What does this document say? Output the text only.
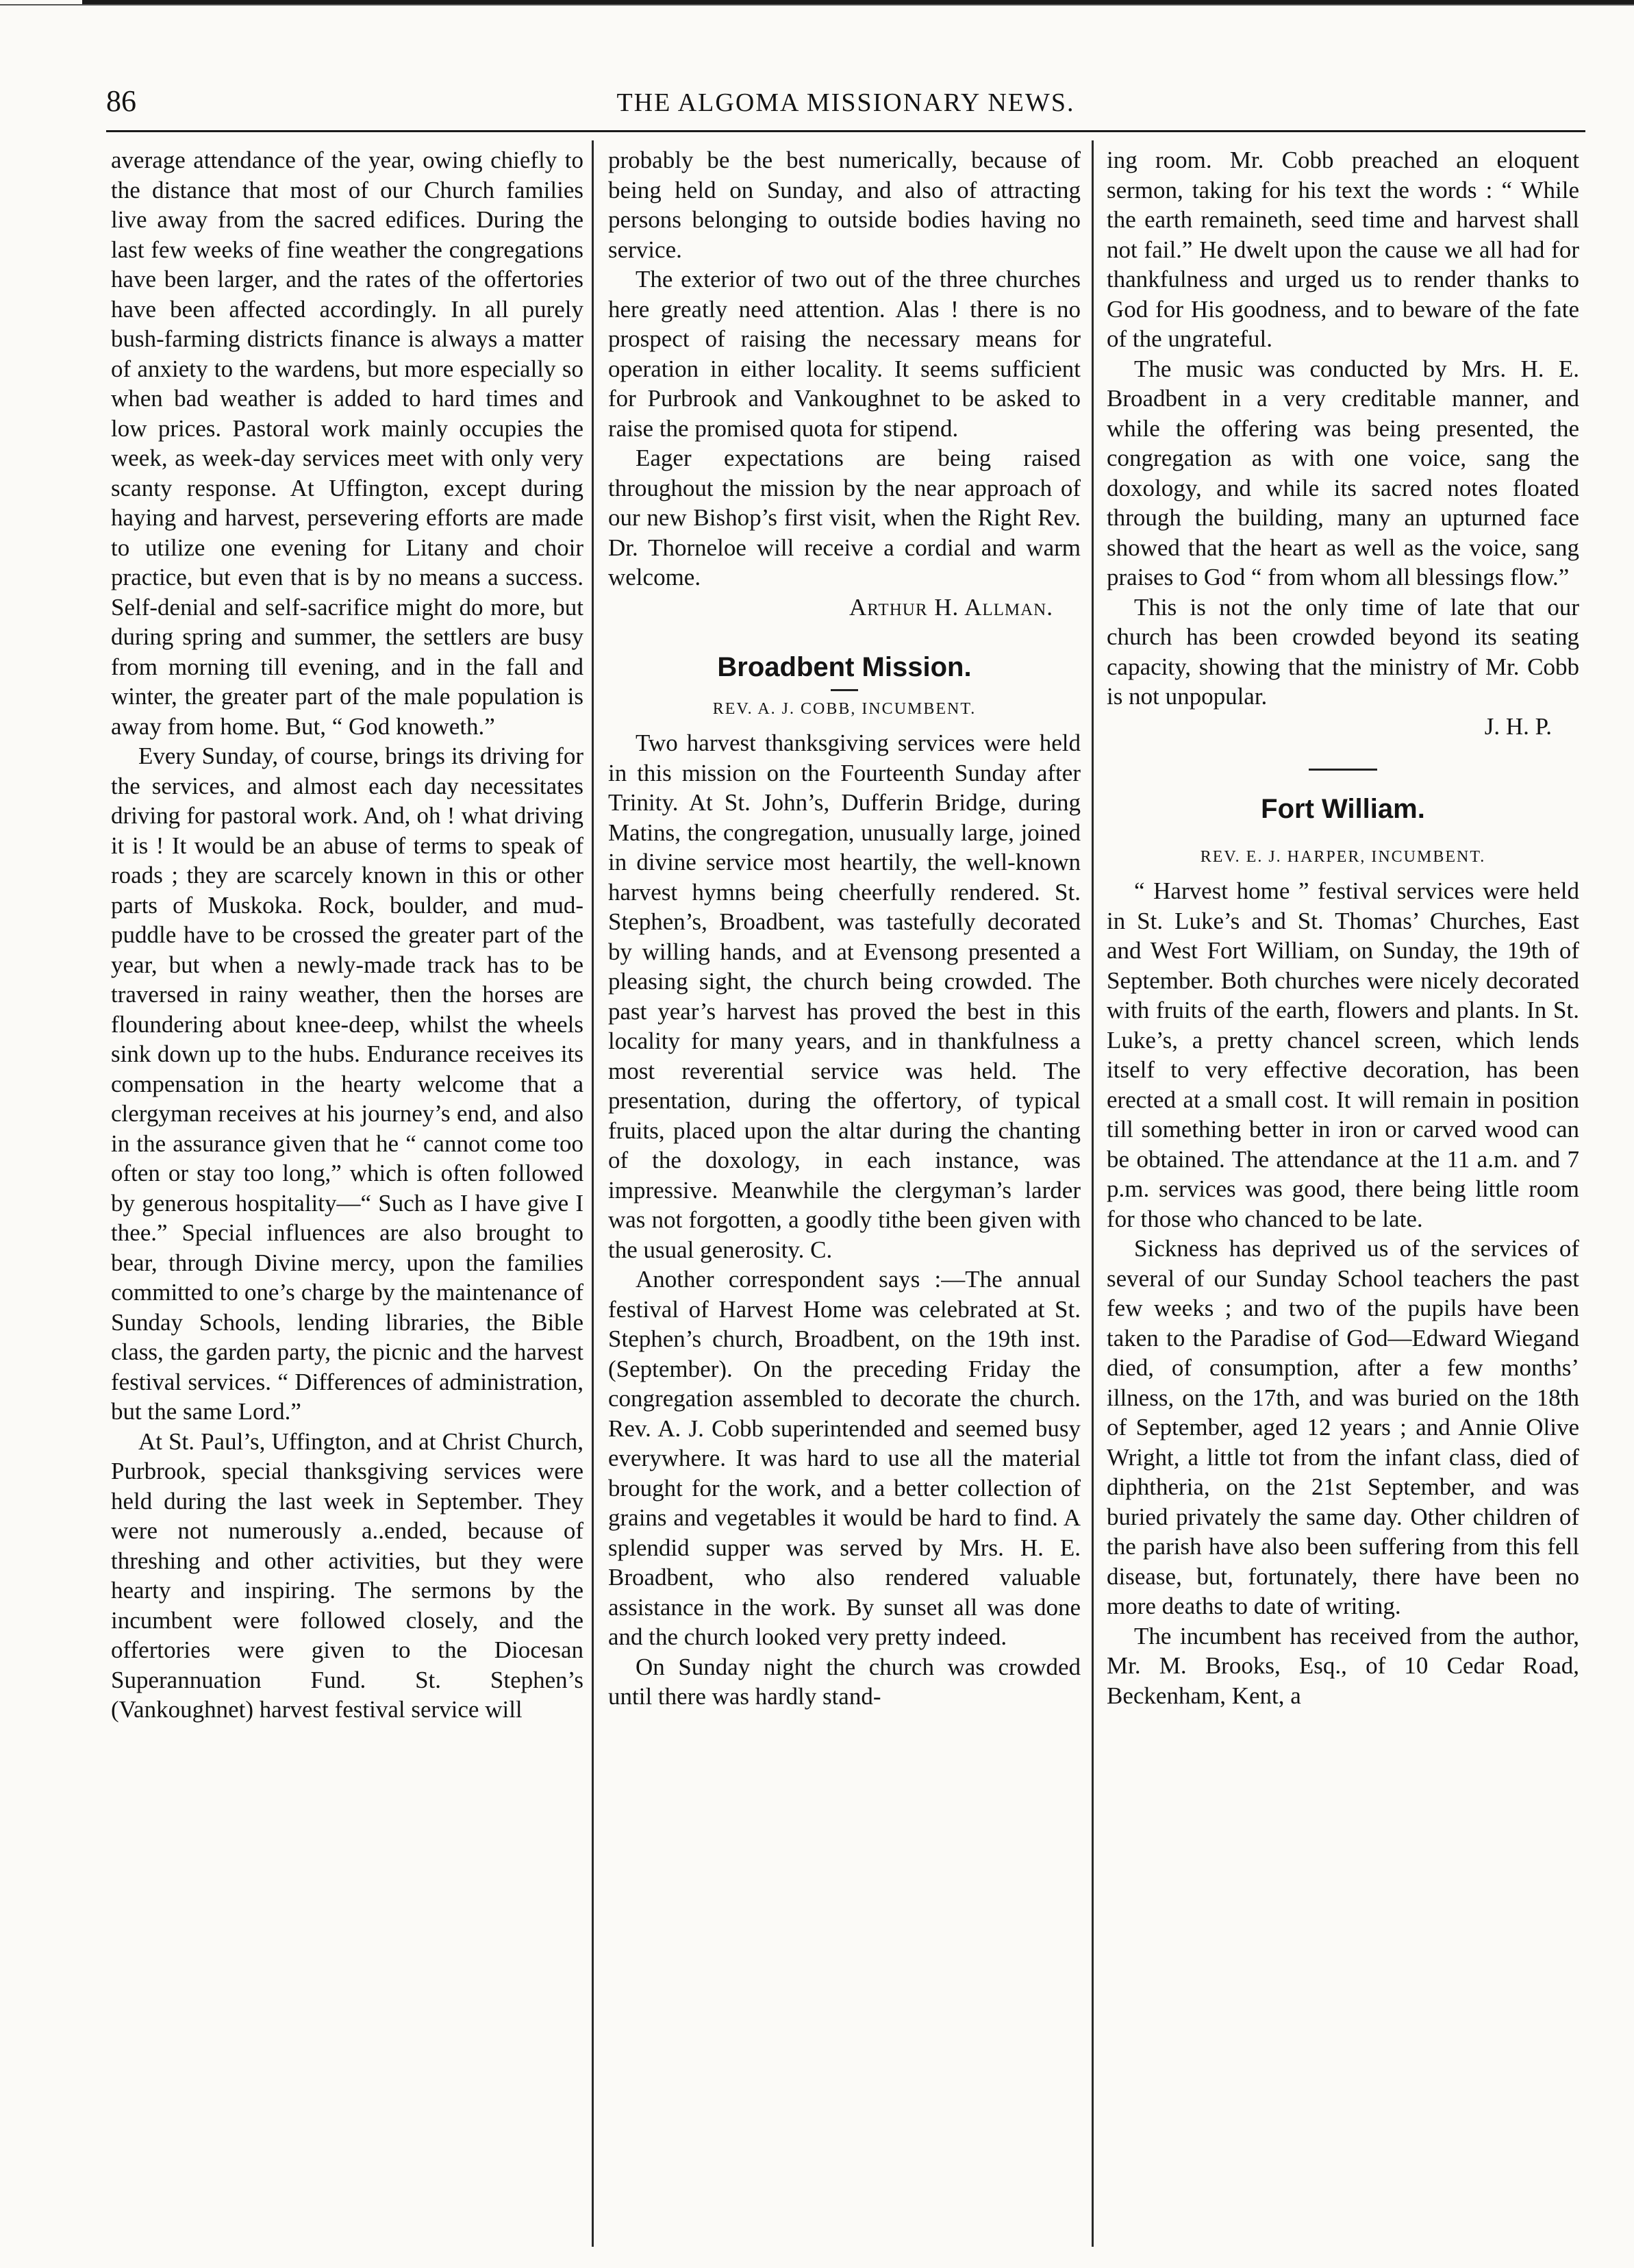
86	THE ALGOMA MISSIONARY NEWS.

average attendance of the year, owing chiefly to the distance that most of our Church families live away from the sacred edifices. During the last few weeks of fine weather the congregations have been larger, and the rates of the offertories have been affected accordingly. In all purely bush-farming districts finance is always a matter of anxiety to the wardens, but more especially so when bad weather is added to hard times and low prices. Pastoral work mainly occupies the week, as week-day services meet with only very scanty response. At Uffington, except during haying and harvest, persevering efforts are made to utilize one evening for Litany and choir practice, but even that is by no means a success. Self-denial and self-sacrifice might do more, but during spring and summer, the settlers are busy from morning till evening, and in the fall and winter, the greater part of the male population is away from home. But, “ God knoweth.”

Every Sunday, of course, brings its driving for the services, and almost each day necessitates driving for pastoral work. And, oh ! what driving it is ! It would be an abuse of terms to speak of roads ; they are scarcely known in this or other parts of Muskoka. Rock, boulder, and mud-puddle have to be crossed the greater part of the year, but when a newly-made track has to be traversed in rainy weather, then the horses are floundering about knee-deep, whilst the wheels sink down up to the hubs. Endurance receives its compensation in the hearty welcome that a clergyman receives at his journey’s end, and also in the assurance given that he “ cannot come too often or stay too long,” which is often followed by generous hospitality—“ Such as I have give I thee.” Special influences are also brought to bear, through Divine mercy, upon the families committed to one’s charge by the maintenance of Sunday Schools, lending libraries, the Bible class, the garden party, the picnic and the harvest festival services. “ Differences of administration, but the same Lord.”

At St. Paul’s, Uffington, and at Christ Church, Purbrook, special thanksgiving services were held during the last week in September. They were not numerously a..ended, because of threshing and other activities, but they were hearty and inspiring. The sermons by the incumbent were followed closely, and the offertories were given to the Diocesan Superannuation Fund. St. Stephen’s (Vankoughnet) harvest festival service will

probably be the best numerically, because of being held on Sunday, and also of attracting persons belonging to outside bodies having no service.

The exterior of two out of the three churches here greatly need attention. Alas ! there is no prospect of raising the necessary means for operation in either locality. It seems sufficient for Purbrook and Vankoughnet to be asked to raise the promised quota for stipend.

Eager expectations are being raised throughout the mission by the near approach of our new Bishop’s first visit, when the Right Rev. Dr. Thorneloe will receive a cordial and warm welcome.

Arthur H. Allman.

Broadbent Mission.
REV. A. J. COBB, INCUMBENT.

Two harvest thanksgiving services were held in this mission on the Fourteenth Sunday after Trinity. At St. John’s, Dufferin Bridge, during Matins, the congregation, unusually large, joined in divine service most heartily, the well-known harvest hymns being cheerfully rendered. St. Stephen’s, Broadbent, was tastefully decorated by willing hands, and at Evensong presented a pleasing sight, the church being crowded. The past year’s harvest has proved the best in this locality for many years, and in thankfulness a most reverential service was held. The presentation, during the offertory, of typical fruits, placed upon the altar during the chanting of the doxology, in each instance, was impressive. Meanwhile the clergyman’s larder was not forgotten, a goodly tithe been given with the usual generosity. C.

Another correspondent says :—The annual festival of Harvest Home was celebrated at St. Stephen’s church, Broadbent, on the 19th inst. (September). On the preceding Friday the congregation assembled to decorate the church. Rev. A. J. Cobb superintended and seemed busy everywhere. It was hard to use all the material brought for the work, and a better collection of grains and vegetables it would be hard to find. A splendid supper was served by Mrs. H. E. Broadbent, who also rendered valuable assistance in the work. By sunset all was done and the church looked very pretty indeed.

On Sunday night the church was crowded until there was hardly stand-

ing room. Mr. Cobb preached an eloquent sermon, taking for his text the words : “ While the earth remaineth, seed time and harvest shall not fail.” He dwelt upon the cause we all had for thankfulness and urged us to render thanks to God for His goodness, and to beware of the fate of the ungrateful.

The music was conducted by Mrs. H. E. Broadbent in a very creditable manner, and while the offering was being presented, the congregation as with one voice, sang the doxology, and while its sacred notes floated through the building, many an upturned face showed that the heart as well as the voice, sang praises to God “ from whom all blessings flow.”

This is not the only time of late that our church has been crowded beyond its seating capacity, showing that the ministry of Mr. Cobb is not unpopular.

J. H. P.

Fort William.
REV. E. J. HARPER, INCUMBENT.

“ Harvest home ” festival services were held in St. Luke’s and St. Thomas’ Churches, East and West Fort William, on Sunday, the 19th of September. Both churches were nicely decorated with fruits of the earth, flowers and plants. In St. Luke’s, a pretty chancel screen, which lends itself to very effective decoration, has been erected at a small cost. It will remain in position till something better in iron or carved wood can be obtained. The attendance at the 11 a.m. and 7 p.m. services was good, there being little room for those who chanced to be late.

Sickness has deprived us of the services of several of our Sunday School teachers the past few weeks ; and two of the pupils have been taken to the Paradise of God—Edward Wiegand died, of consumption, after a few months’ illness, on the 17th, and was buried on the 18th of September, aged 12 years ; and Annie Olive Wright, a little tot from the infant class, died of diphtheria, on the 21st September, and was buried privately the same day. Other children of the parish have also been suffering from this fell disease, but, fortunately, there have been no more deaths to date of writing.

The incumbent has received from the author, Mr. M. Brooks, Esq., of 10 Cedar Road, Beckenham, Kent, a
